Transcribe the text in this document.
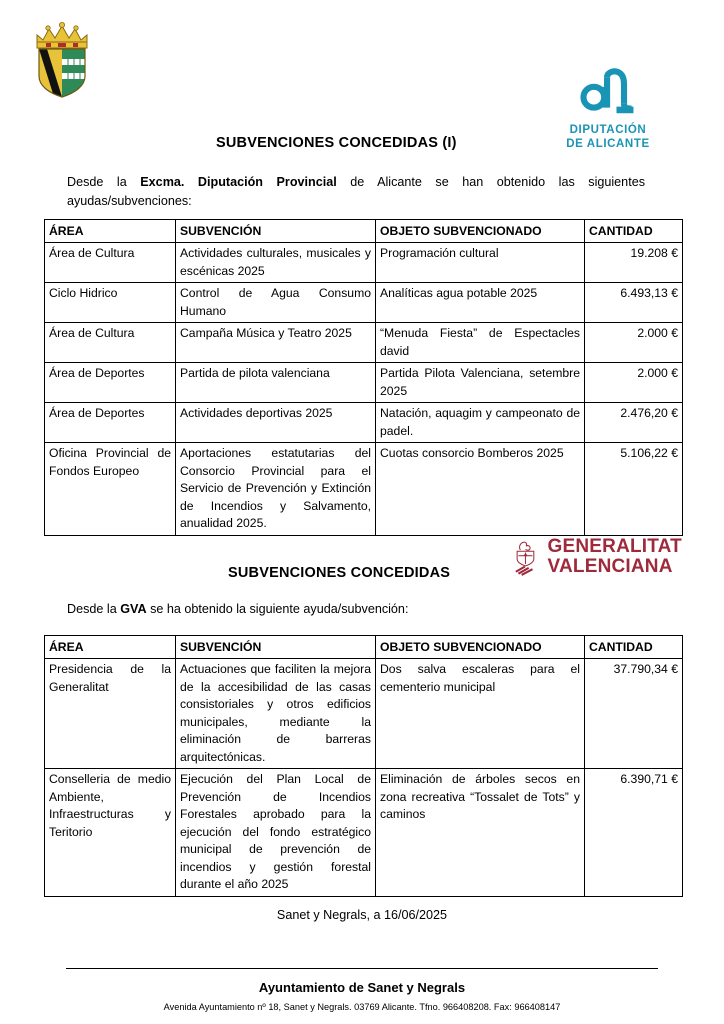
DIPUTACIÓN
DE ALICANTE
SUBVENCIONES CONCEDIDAS (I)
Desde la Excma. Diputación Provincial de Alicante se han obtenido las siguientes ayudas/subvenciones:
ÁREA	SUBVENCIÓN	OBJETO SUBVENCIONADO	CANTIDAD
Área de Cultura	Actividades culturales, musicales y escénicas 2025	Programación cultural	19.208 €
Ciclo Hidrico	Control de Agua Consumo Humano	Analíticas agua potable 2025	6.493,13 €
Área de Cultura	Campaña Música y Teatro 2025	“Menuda Fiesta” de Espectacles david	2.000 €
Área de Deportes	Partida de pilota valenciana	Partida Pilota Valenciana, setembre 2025	2.000 €
Área de Deportes	Actividades deportivas 2025	Natación, aquagim y campeonato de padel.	2.476,20 €
Oficina Provincial de Fondos Europeo	Aportaciones estatutarias del Consorcio Provincial para el Servicio de Prevención y Extinción de Incendios y Salvamento, anualidad 2025.	Cuotas consorcio Bomberos 2025	5.106,22 €
GENERALITAT
VALENCIANA
SUBVENCIONES CONCEDIDAS
Desde la GVA se ha obtenido la siguiente ayuda/subvención:
ÁREA	SUBVENCIÓN	OBJETO SUBVENCIONADO	CANTIDAD
Presidencia de la Generalitat	Actuaciones que faciliten la mejora de la accesibilidad de las casas consistoriales y otros edificios municipales, mediante la eliminación de barreras arquitectónicas.	Dos salva escaleras para el cementerio municipal	37.790,34 €
Conselleria de medio Ambiente, Infraestructuras y Teritorio	Ejecución del Plan Local de Prevención de Incendios Forestales aprobado para la ejecución del fondo estratégico municipal de prevención de incendios y gestión forestal durante el año 2025	Eliminación de árboles secos en zona recreativa “Tossalet de Tots” y caminos	6.390,71 €
Sanet y Negrals, a 16/06/2025
Ayuntamiento de Sanet y Negrals
Avenida Ayuntamiento nº 18, Sanet y Negrals. 03769 Alicante. Tfno. 966408208. Fax: 966408147
